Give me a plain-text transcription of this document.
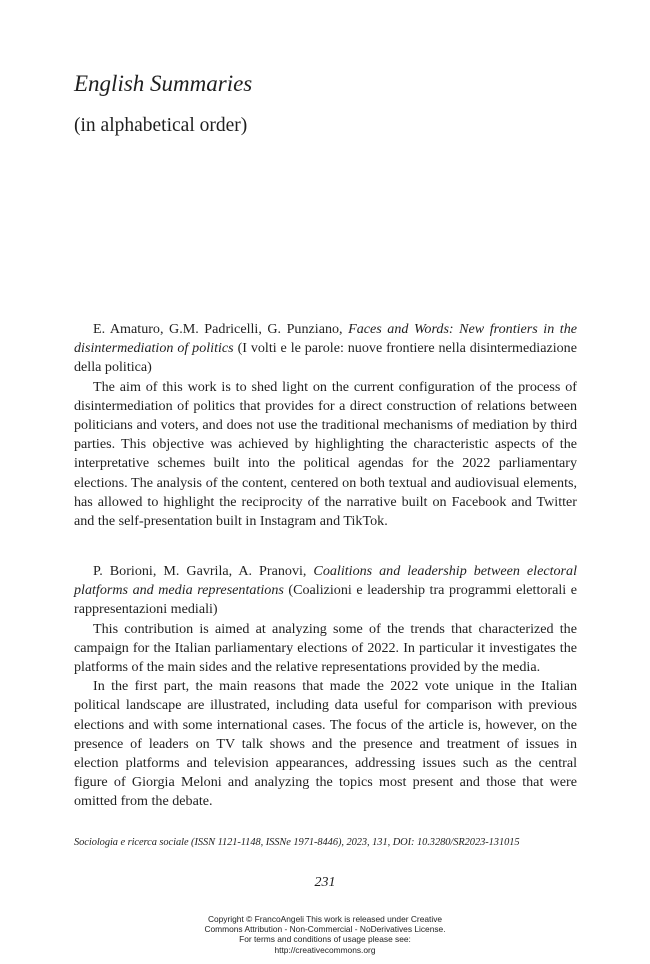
English Summaries
(in alphabetical order)

E. Amaturo, G.M. Padricelli, G. Punziano, Faces and Words: New frontiers in the disintermediation of politics (I volti e le parole: nuove frontiere nella disintermediazione della politica)

The aim of this work is to shed light on the current configuration of the process of disintermediation of politics that provides for a direct construction of relations between politicians and voters, and does not use the traditional mechanisms of mediation by third parties. This objective was achieved by highlighting the characteristic aspects of the interpretative schemes built into the political agendas for the 2022 parliamentary elections. The analysis of the content, centered on both textual and audiovisual elements, has allowed to highlight the reciprocity of the narrative built on Facebook and Twitter and the self-presentation built in Instagram and TikTok.

P. Borioni, M. Gavrila, A. Pranovi, Coalitions and leadership between electoral platforms and media representations (Coalizioni e leadership tra programmi elettorali e rappresentazioni mediali)

This contribution is aimed at analyzing some of the trends that characterized the campaign for the Italian parliamentary elections of 2022. In particular it investigates the platforms of the main sides and the relative representations provided by the media.

In the first part, the main reasons that made the 2022 vote unique in the Italian political landscape are illustrated, including data useful for comparison with previous elections and with some international cases. The focus of the article is, however, on the presence of leaders on TV talk shows and the presence and treatment of issues in election platforms and television appearances, addressing issues such as the central figure of Giorgia Meloni and analyzing the topics most present and those that were omitted from the debate.

Sociologia e ricerca sociale (ISSN 1121-1148, ISSNe 1971-8446), 2023, 131, DOI: 10.3280/SR2023-131015
231
Copyright © FrancoAngeli This work is released under Creative
Commons Attribution - Non-Commercial - NoDerivatives License.
For terms and conditions of usage please see:
http://creativecommons.org
